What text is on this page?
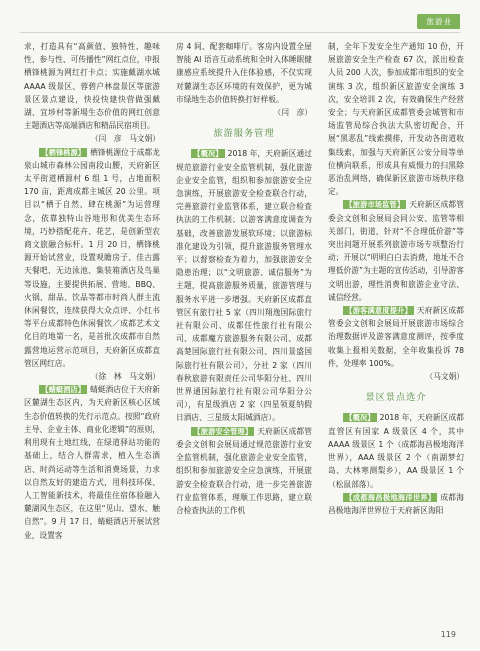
旅游业

求，打造具有“高颜值、独特性、趣味性、参与性、可传播性”网红点位，申报栖锋桃源为网红打卡点；实施戴湖水城 AAAA 级景区、蓉碧户林盘景区等旅游景区景点建设，快投快建快营做强戴湖、宜埗村等新場生态价值的网红创意主题酒店等高端酒店和精品民宿项目。

（闫　彦　马文娟）

【栖锋桃源】 栖锋桃源位于成都龙泉山城市森林公园南段山腰，天府新区太平街道栖源村 6 组 1 号，占地面积 170 亩，距离成都主城区 20 公里。项目以“栖于自然、肆在桃源”为运营理念，依靠独特山谷地形和优美生态环境，巧妙搭配花卉、花艺，是创新型农商文旅融合标杆。1 月 20 日，栖锋桃源开始试营业，设置观瞻房子、佳古露天餐吧、无边泳池、集装箱酒店及鸟巢等设施，主要提供拓展、营地、BBQ、火锅、甜品、饮品等都市时尚人群主流休闲餐饮，连续获得大众点评、小红书等平台成都特色休闲餐饮／成都艺术文化目的地第一名，是首批次成都市自然露营地运营示范项目，天府新区成都直管区网红店。

（徐　林　马文娟）

【蜻蜓酒店】 蜻蜓酒店位于天府新区麓湖生态区内，为天府新区核心区域生态价值转换的先行示范点。按照“政府主导、企业主体、商业化逻辑”的原则，利用现有土地红线，在绿道驿站功能的基础上，结合人群需求，植入生态酒店、时尚运动等生活和消费场景，力求以自然友好的建造方式，用科技环保、人工智能新技术，将最佳住宿体验融入麓湖风生态区，在这里“见山、望水、触自然”。9 月 17 日，蜻蜓酒店开展试营业，设置客

房 4 间、配套咖啡厅。客房内设置全屋智能 AI 语音互动系统和全时入体睡眠健康感应系统提升入住体验感，不仅实现对麓湖生态区环境的有效保护，更为城市绿地生态价值转换打好样板。

（闫　彦）

旅游服务管理

【概况】 2018 年，天府新区通过规范旅游行业安全监管机制，强化旅游企业安全监管，组织和参加旅游安全应急演练，开展旅游安全检查联合行动，完善旅游行业监管体系，建立联合检查执法的工作机制；以游客满意度调查为基础，改善旅游发展软环境；以旅游标准化建设为引领，提升旅游服务管理水平；以督察检查为着力，加强旅游安全隐患治理；以“文明旅游、诚信服务”为主题，提高旅游服务质量，旅游管理与服务水平进一步增强。天府新区成都直管区有旅行社 5 家（四川翔逸国际旅行社有限公司、成都任性旅行社有限公司、成都魔方旅游服务有限公司、成都高楚国际旅行社有限公司、四川景盛国际旅行社有限公司），分社 2 家（四川春秋旅游有限责任公司华阳分社、四川世界通国际旅行社有限公司华阳分公司），有星级酒店 2 家（四星领夏纳假日酒店、三星级太阳城酒店）。

【旅游安全管理】 天府新区成都管委会文创和会展局通过规范旅游行业安全监管机制，强化旅游企业安全监管，组织和参加旅游安全应急演练，开展旅游安全检查联合行动，进一步完善旅游行业监管体系，理顺工作思路，建立联合检查执法的工作机

制，全年下发安全生产通知 10 份，开展旅游安全生产检查 67 次，派出检查人员 200 人次，参加成都市组织的安全演练 3 次，组织新区旅游安全演练 3 次，安全培训 2 次，有效确保生产经营安全；与天府新区成都管委会城管和市场监管局综合执法大队密切配合，开展“黑恶乱”线索摸排，开发动各街道收集线索，加强与天府新区公安分局等单位横向联系，形成具有威慑力的扫黑除恶治乱网络，确保新区旅游市场秩序稳定。

【旅游市场监管】 天府新区成都管委会文创和会展局会同公安、监管等相关部门，街道，针对“不合理低价游”等突出问题开展系列旅游市场专项整治行动；开展以“明明白白去消费，地址不合理低价游”为主题的宣传活动，引导游客文明出游，理性消费和旅游企业守法、诚信经营。

【游客满意度提升】 天府新区成都管委会文创和会展局开展旅游市场综合治理数据评及游客满意度测评，按季度收集上报相关数据，全年收集投诉 78 件，处理率 100%。

（马文娟）

景区景点选介

【概况】 2018 年，天府新区成都直管区有国家 A 级景区 4 个，其中 AAAA 级景区 1 个（成都海昌极地海洋世界），AAA 级景区 2 个（南湖梦幻岛、大林寒测梨乡），AA 级景区 1 个（松鼠部落）。

【成都海昌极地海洋世界】 成都海昌极地海洋世界位于天府新区海阳

119
